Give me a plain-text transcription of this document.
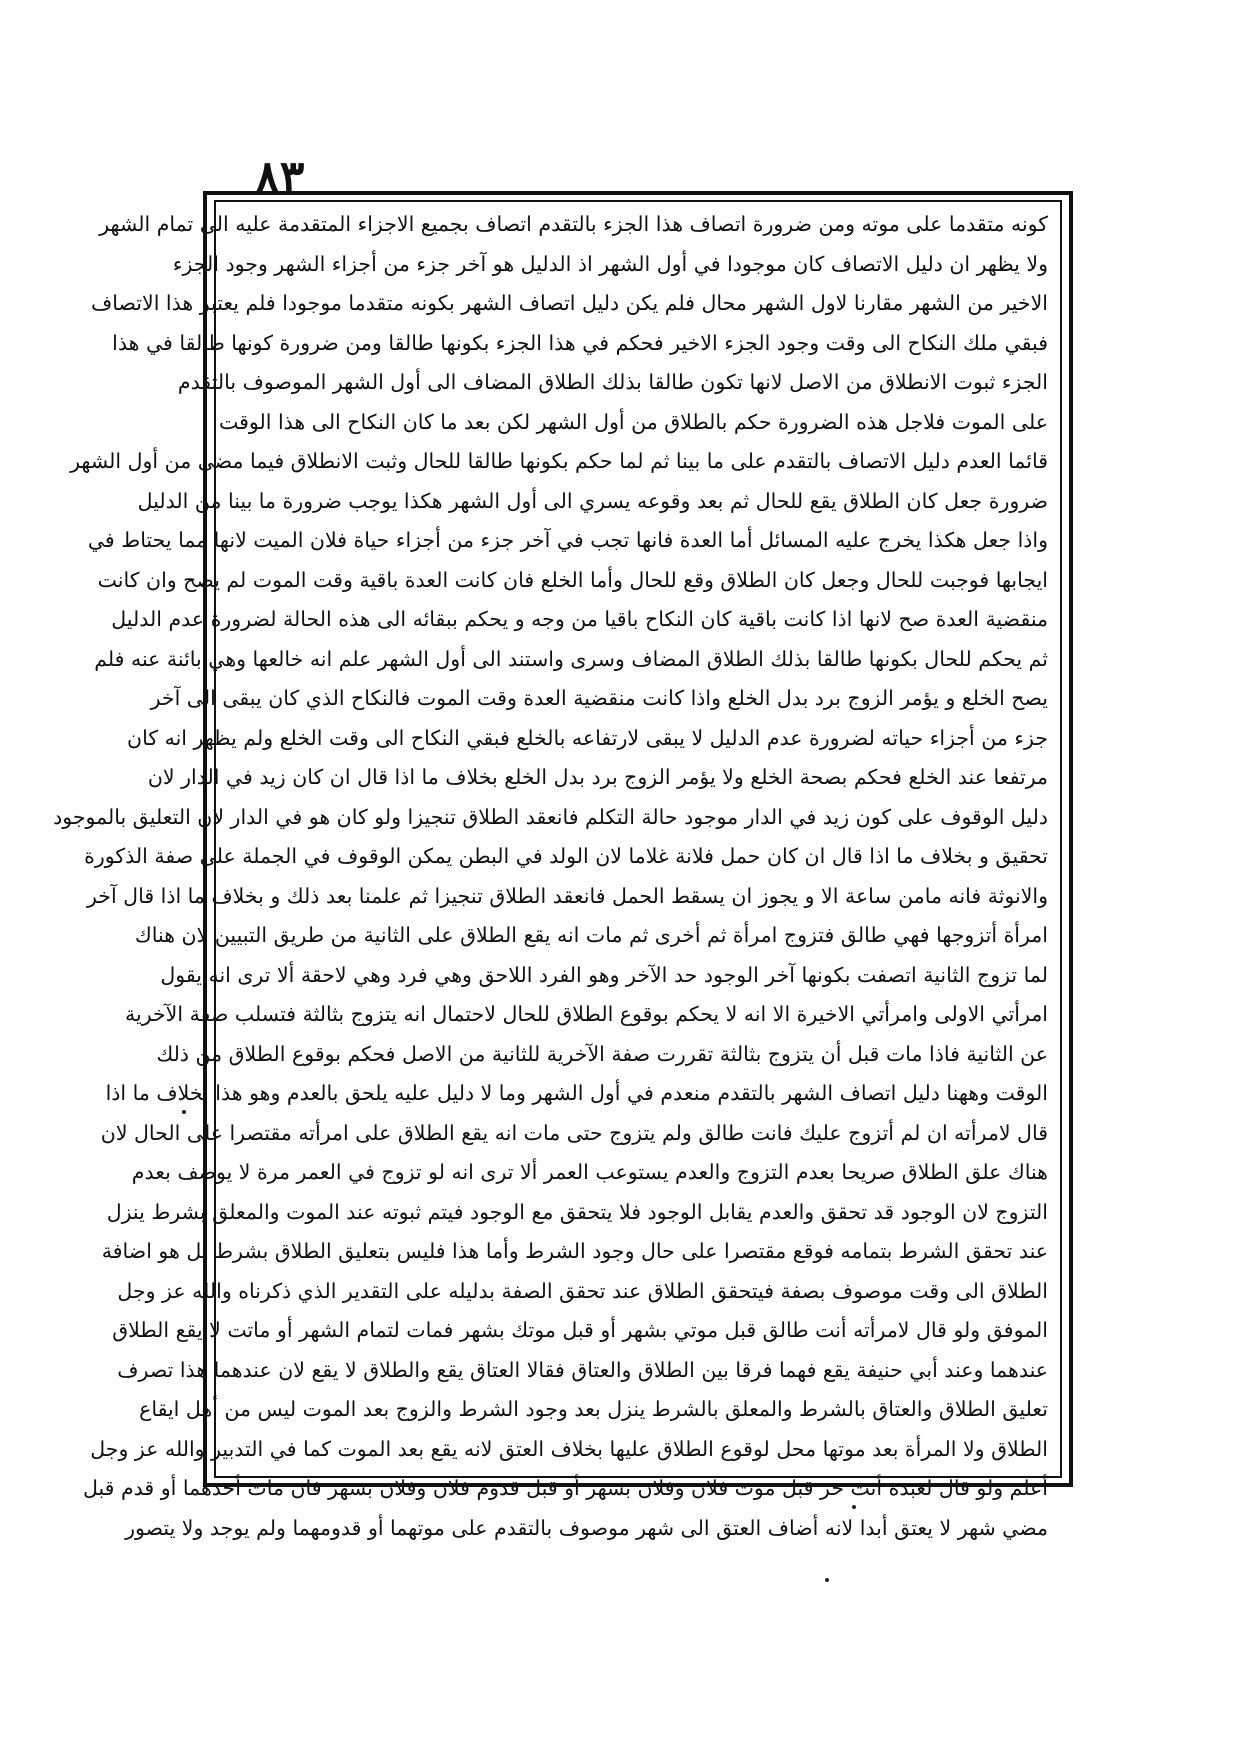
٨٣
كونه متقدما على موته ومن ضرورة اتصاف هذا الجزء بالتقدم اتصاف بجميع الاجزاء المتقدمة عليه الى تمام الشهر
ولا يظهر ان دليل الاتصاف كان موجودا في أول الشهر اذ الدليل هو آخر جزء من أجزاء الشهر وجود الجزء
الاخير من الشهر مقارنا لاول الشهر محال فلم يكن دليل اتصاف الشهر بكونه متقدما موجودا فلم يعتبر هذا الاتصاف
فبقي ملك النكاح الى وقت وجود الجزء الاخير فحكم في هذا الجزء بكونها طالقا ومن ضرورة كونها طالقا في هذا
الجزء ثبوت الانطلاق من الاصل لانها تكون طالقا بذلك الطلاق المضاف الى أول الشهر الموصوف بالتقدم
على الموت فلاجل هذه الضرورة حكم بالطلاق من أول الشهر لكن بعد ما كان النكاح الى هذا الوقت
قائما العدم دليل الاتصاف بالتقدم على ما بينا ثم لما حكم بكونها طالقا للحال وثبت الانطلاق فيما مضى من أول الشهر
ضرورة جعل كان الطلاق يقع للحال ثم بعد وقوعه يسري الى أول الشهر هكذا يوجب ضرورة ما بينا من الدليل
واذا جعل هكذا يخرج عليه المسائل أما العدة فانها تجب في آخر جزء من أجزاء حياة فلان الميت لانها مما يحتاط في
ايجابها فوجبت للحال وجعل كان الطلاق وقع للحال وأما الخلع فان كانت العدة باقية وقت الموت لم يصح وان كانت
منقضية العدة صح لانها اذا كانت باقية كان النكاح باقيا من وجه و يحكم ببقائه الى هذه الحالة لضرورة عدم الدليل
ثم يحكم للحال بكونها طالقا بذلك الطلاق المضاف وسرى واستند الى أول الشهر علم انه خالعها وهي بائنة عنه فلم
يصح الخلع و يؤمر الزوج برد بدل الخلع واذا كانت منقضية العدة وقت الموت فالنكاح الذي كان يبقى الى آخر
جزء من أجزاء حياته لضرورة عدم الدليل لا يبقى لارتفاعه بالخلع فبقي النكاح الى وقت الخلع ولم يظهر انه كان
مرتفعا عند الخلع فحكم بصحة الخلع ولا يؤمر الزوج برد بدل الخلع بخلاف ما اذا قال ان كان زيد في الدار لان
دليل الوقوف على كون زيد في الدار موجود حالة التكلم فانعقد الطلاق تنجيزا ولو كان هو في الدار لان التعليق بالموجود
تحقيق و بخلاف ما اذا قال ان كان حمل فلانة غلاما لان الولد في البطن يمكن الوقوف في الجملة على صفة الذكورة
والانوثة فانه مامن ساعة الا و يجوز ان يسقط الحمل فانعقد الطلاق تنجيزا ثم علمنا بعد ذلك و بخلاف ما اذا قال آخر
امرأة أتزوجها فهي طالق فتزوج امرأة ثم أخرى ثم مات انه يقع الطلاق على الثانية من طريق التبيين لان هناك
لما تزوج الثانية اتصفت بكونها آخر الوجود حد الآخر وهو الفرد اللاحق وهي فرد وهي لاحقة ألا ترى انه يقول
امرأتي الاولى وامرأتي الاخيرة الا انه لا يحكم بوقوع الطلاق للحال لاحتمال انه يتزوج بثالثة فتسلب صفة الآخرية
عن الثانية فاذا مات قبل أن يتزوج بثالثة تقررت صفة الآخرية للثانية من الاصل فحكم بوقوع الطلاق من ذلك
الوقت وههنا دليل اتصاف الشهر بالتقدم منعدم في أول الشهر وما لا دليل عليه يلحق بالعدم وهو هذا بخلاف ما اذا
قال لامرأته ان لم أتزوج عليك فانت طالق ولم يتزوج حتى مات انه يقع الطلاق على امرأته مقتصرا على الحال لان
هناك علق الطلاق صريحا بعدم التزوج والعدم يستوعب العمر ألا ترى انه لو تزوج في العمر مرة لا يوصف بعدم
التزوج لان الوجود قد تحقق والعدم يقابل الوجود فلا يتحقق مع الوجود فيتم ثبوته عند الموت والمعلق بشرط ينزل
عند تحقق الشرط بتمامه فوقع مقتصرا على حال وجود الشرط وأما هذا فليس بتعليق الطلاق بشرط بل هو اضافة
الطلاق الى وقت موصوف بصفة فيتحقق الطلاق عند تحقق الصفة بدليله على التقدير الذي ذكرناه والله عز وجل
الموفق ولو قال لامرأته أنت طالق قبل موتي بشهر أو قبل موتك بشهر فمات لتمام الشهر أو ماتت لا يقع الطلاق
عندهما وعند أبي حنيفة يقع فهما فرقا بين الطلاق والعتاق فقالا العتاق يقع والطلاق لا يقع لان عندهما هذا تصرف
تعليق الطلاق والعتاق بالشرط والمعلق بالشرط ينزل بعد وجود الشرط والزوج بعد الموت ليس من أهل ايقاع
الطلاق ولا المرأة بعد موتها محل لوقوع الطلاق عليها بخلاف العتق لانه يقع بعد الموت كما في التدبير والله عز وجل
أعلم ولو قال لعبده أنت حر قبل موت فلان وفلان بشهر أو قبل قدوم فلان وفلان بشهر فان مات أحدهما أو قدم قبل
مضي شهر لا يعتق أبدا لانه أضاف العتق الى شهر موصوف بالتقدم على موتهما أو قدومهما ولم يوجد ولا يتصور
